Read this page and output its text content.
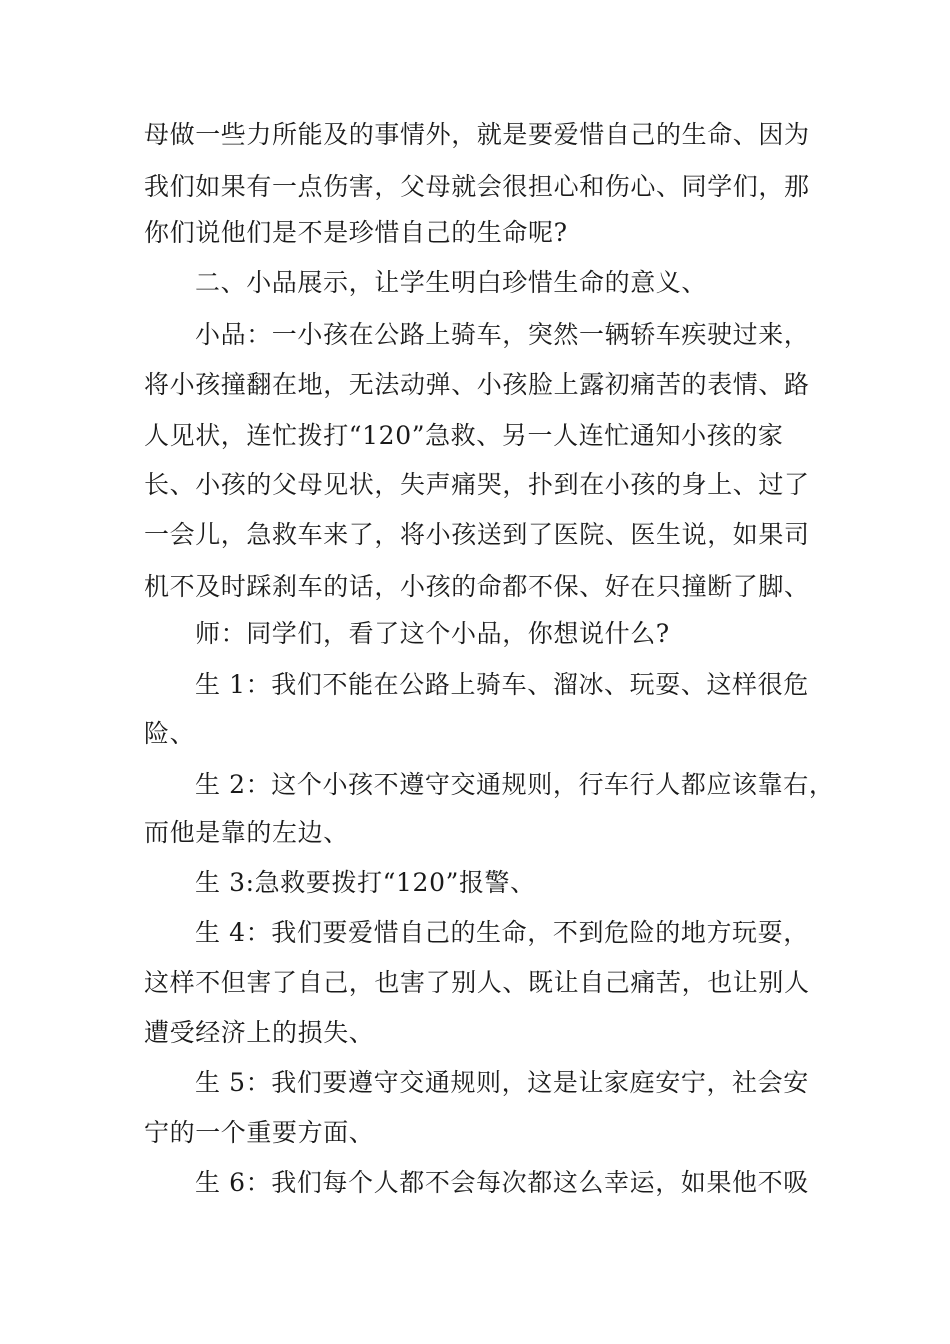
母做一些力所能及的事情外，就是要爱惜自己的生命、因为
我们如果有一点伤害，父母就会很担心和伤心、同学们，那
你们说他们是不是珍惜自己的生命呢?
二、小品展示，让学生明白珍惜生命的意义、
小品：一小孩在公路上骑车，突然一辆轿车疾驶过来，
将小孩撞翻在地，无法动弹、小孩脸上露初痛苦的表情、路
人见状，连忙拨打“120”急救、另一人连忙通知小孩的家
长、小孩的父母见状，失声痛哭，扑到在小孩的身上、过了
一会儿，急救车来了，将小孩送到了医院、医生说，如果司
机不及时踩刹车的话，小孩的命都不保、好在只撞断了脚、
师：同学们，看了这个小品，你想说什么?
生 1：我们不能在公路上骑车、溜冰、玩耍、这样很危
险、
生 2：这个小孩不遵守交通规则，行车行人都应该靠右，
而他是靠的左边、
生 3:急救要拨打“120”报警、
生 4：我们要爱惜自己的生命，不到危险的地方玩耍，
这样不但害了自己，也害了别人、既让自己痛苦，也让别人
遭受经济上的损失、
生 5：我们要遵守交通规则，这是让家庭安宁，社会安
宁的一个重要方面、
生 6：我们每个人都不会每次都这么幸运，如果他不吸
